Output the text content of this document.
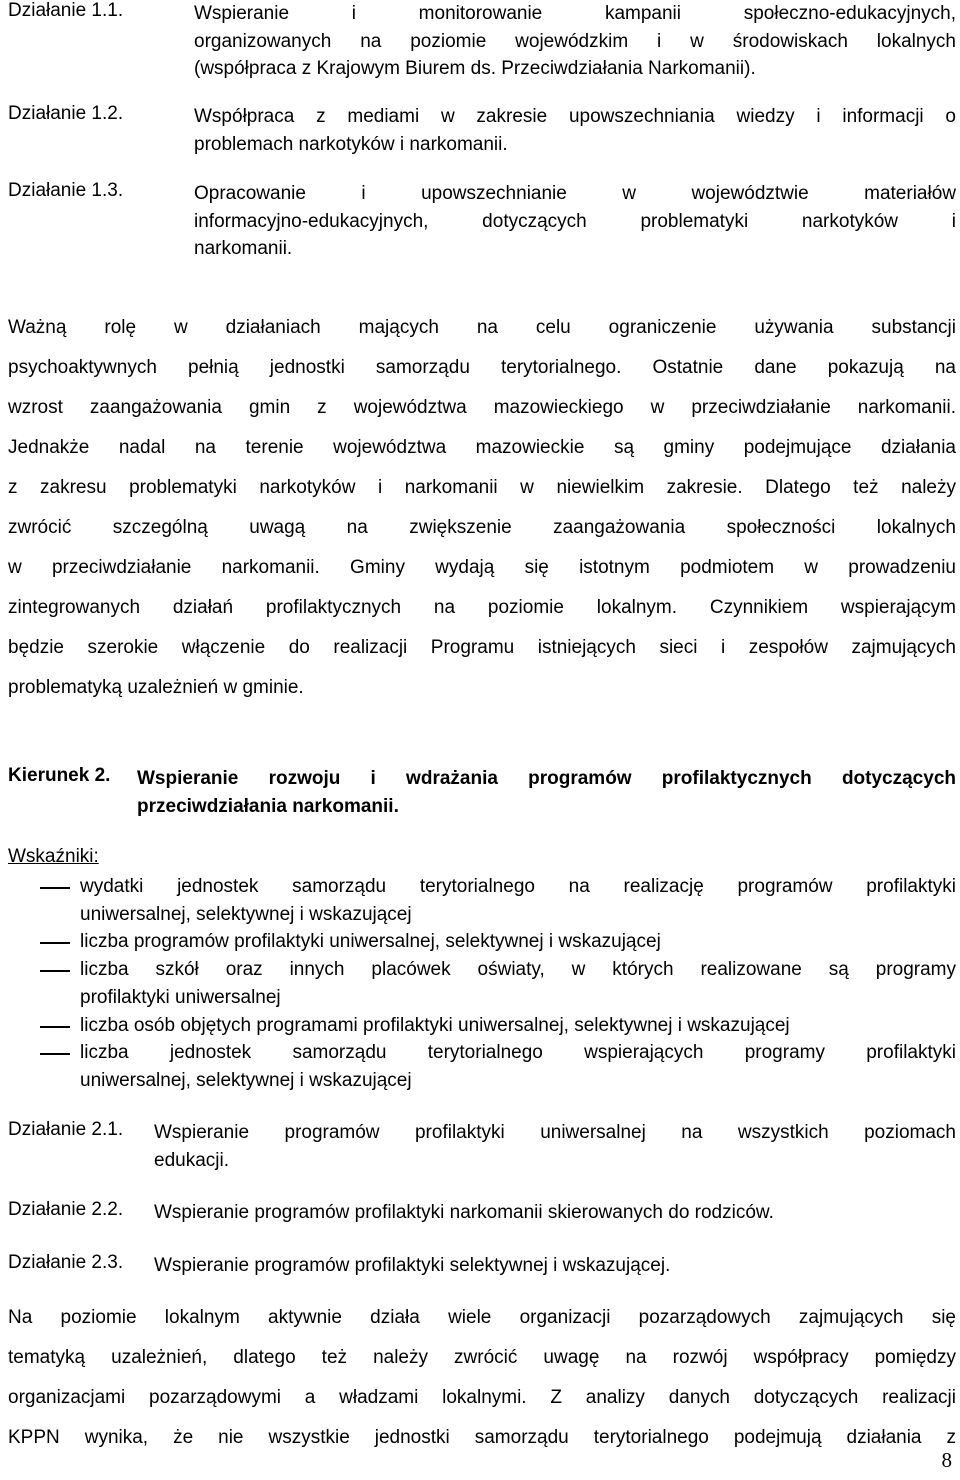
Działanie 1.1.	Wspieranie i monitorowanie kampanii społeczno-edukacyjnych,
organizowanych na poziomie wojewódzkim i w środowiskach lokalnych
(współpraca z Krajowym Biurem ds. Przeciwdziałania Narkomanii).
Działanie 1.2.	Współpraca z mediami w zakresie upowszechniania wiedzy i informacji o
problemach narkotyków i narkomanii.
Działanie 1.3.	Opracowanie i upowszechnianie w województwie materiałów
informacyjno-edukacyjnych, dotyczących problematyki narkotyków i
narkomanii.
Ważną rolę w działaniach mających na celu ograniczenie używania substancji
psychoaktywnych pełnią jednostki samorządu terytorialnego. Ostatnie dane pokazują na
wzrost zaangażowania gmin z województwa mazowieckiego w przeciwdziałanie narkomanii.
Jednakże nadal na terenie województwa mazowieckie są gminy podejmujące działania
z zakresu problematyki narkotyków i narkomanii w niewielkim zakresie. Dlatego też należy
zwrócić szczególną uwagą na zwiększenie zaangażowania społeczności lokalnych
w przeciwdziałanie narkomanii. Gminy wydają się istotnym podmiotem w prowadzeniu
zintegrowanych działań profilaktycznych na poziomie lokalnym. Czynnikiem wspierającym
będzie szerokie włączenie do realizacji Programu istniejących sieci i zespołów zajmujących
problematyką uzależnień w gminie.
Kierunek 2. Wspieranie rozwoju i wdrażania programów profilaktycznych dotyczących
przeciwdziałania narkomanii.
Wskaźniki:
wydatki jednostek samorządu terytorialnego na realizację programów profilaktyki
uniwersalnej, selektywnej i wskazującej
liczba programów profilaktyki uniwersalnej, selektywnej i wskazującej
liczba szkół oraz innych placówek oświaty, w których realizowane są programy
profilaktyki uniwersalnej
liczba osób objętych programami profilaktyki uniwersalnej, selektywnej i wskazującej
liczba jednostek samorządu terytorialnego wspierających programy profilaktyki
uniwersalnej, selektywnej i wskazującej
Działanie 2.1. Wspieranie programów profilaktyki uniwersalnej na wszystkich poziomach
edukacji.
Działanie 2.2. Wspieranie programów profilaktyki narkomanii skierowanych do rodziców.
Działanie 2.3. Wspieranie programów profilaktyki selektywnej i wskazującej.
Na poziomie lokalnym aktywnie działa wiele organizacji pozarządowych zajmujących się
tematyką uzależnień, dlatego też należy zwrócić uwagę na rozwój współpracy pomiędzy
organizacjami pozarządowymi a władzami lokalnymi. Z analizy danych dotyczących realizacji
KPPN wynika, że nie wszystkie jednostki samorządu terytorialnego podejmują działania z
8
